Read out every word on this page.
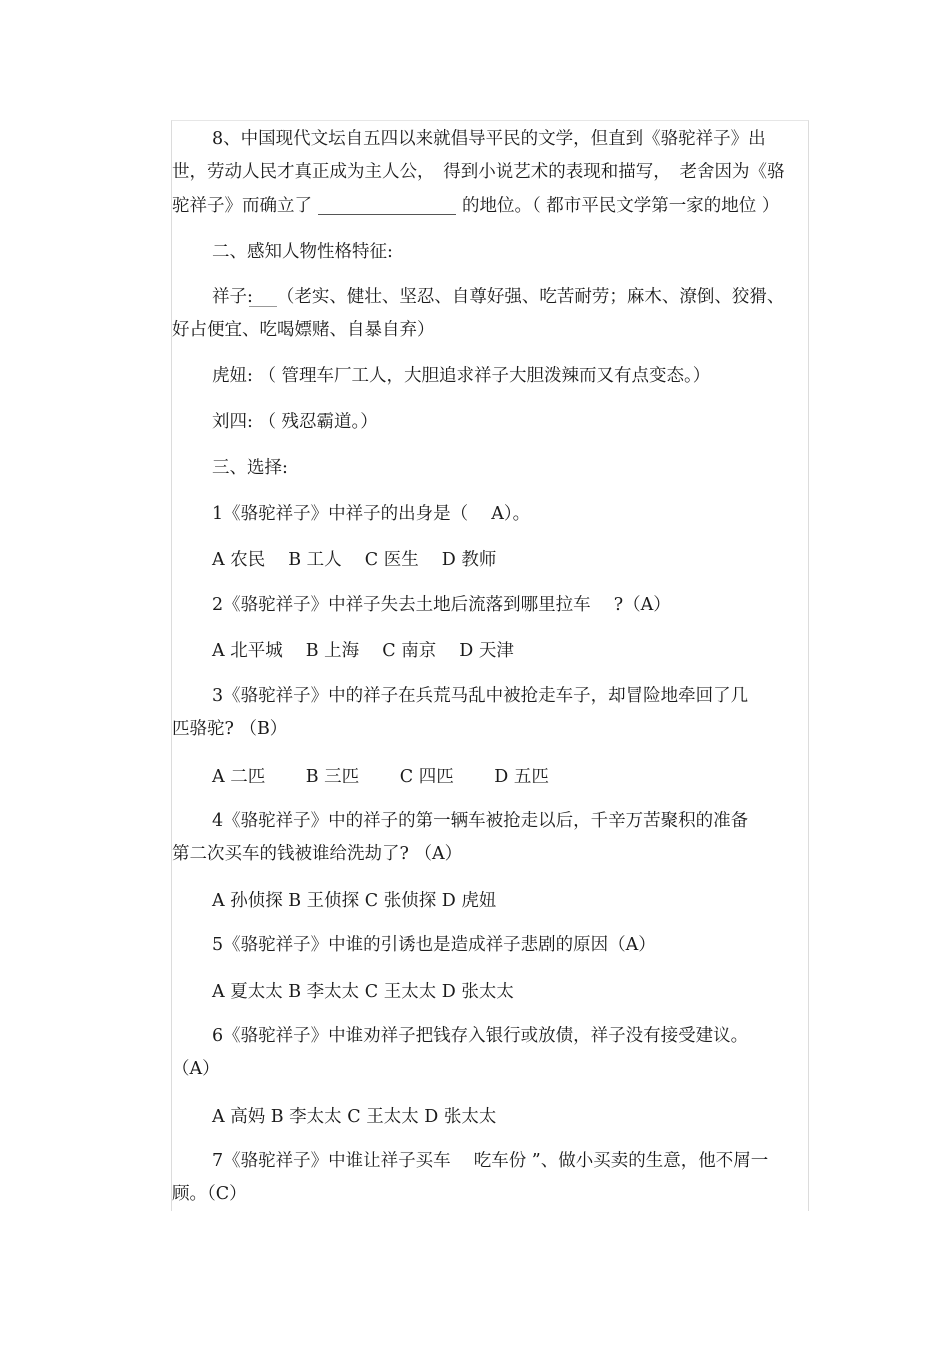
8、中国现代文坛自五四以来就倡导平民的文学，但直到《骆驼祥子》出
世，劳动人民才真正成为主人公，　得到小说艺术的表现和描写，　老舍因为《骆
驼祥子》而确立了	的地位。（ 都市平民文学第一家的地位 ）
二、感知人物性格特征:
祥子: （老实、健壮、坚忍、自尊好强、吃苦耐劳；麻木、潦倒、狡猾、
好占便宜、吃喝嫖赌、自暴自弃）
虎妞: （ 管理车厂工人，大胆追求祥子大胆泼辣而又有点变态。）
刘四: （ 残忍霸道。）
三、选择:
1《骆驼祥子》中祥子的出身是（　 A）。
A 农民　 B 工人　 C 医生　 D 教师
2《骆驼祥子》中祥子失去土地后流落到哪里拉车　 ?（A）
A 北平城　 B 上海　 C 南京　 D 天津
3《骆驼祥子》中的祥子在兵荒马乱中被抢走车子，却冒险地牵回了几
匹骆驼? （B）
A 二匹　　 B 三匹　　 C 四匹　　 D 五匹
4《骆驼祥子》中的祥子的第一辆车被抢走以后，千辛万苦聚积的准备
第二次买车的钱被谁给洗劫了? （A）
A 孙侦探 B 王侦探 C 张侦探 D 虎妞
5《骆驼祥子》中谁的引诱也是造成祥子悲剧的原因（A）
A 夏太太 B 李太太 C 王太太 D 张太太
6《骆驼祥子》中谁劝祥子把钱存入银行或放债，祥子没有接受建议。
（A）
A 高妈 B 李太太 C 王太太 D 张太太
7《骆驼祥子》中谁让祥子买车　 吃车份 ”、做小买卖的生意，他不屑一
顾。（C）
